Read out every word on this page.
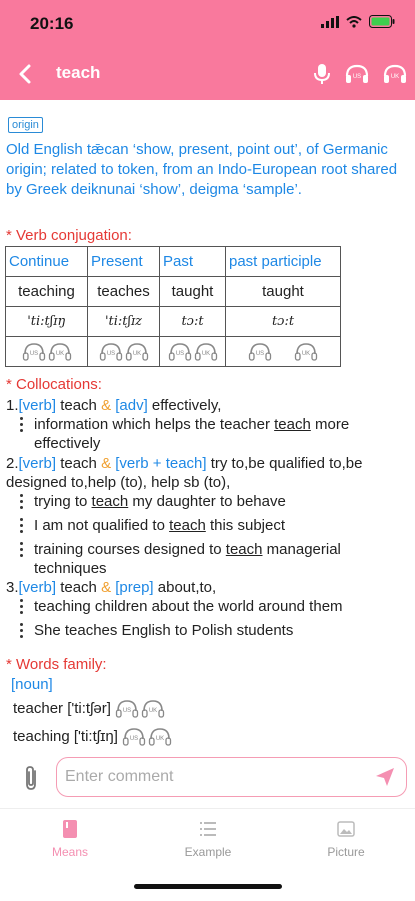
20:16
teach	US	UK
origin
Old English tǣcan ‘show, present, point out’, of Germanic origin; related to token, from an Indo-European root shared by Greek deiknunai ‘show’, deigma ‘sample’.
* Verb conjugation:
Continue	Present	Past	past participle
teaching	teaches	taught	taught
'ti:tʃɪŋ	'ti:tʃɪz	tɔ:t	tɔ:t

US UK	US UK	US UK	US UK
* Collocations:
1.[verb] teach & [adv] effectively,
information which helps the teacher teach more effectively
2.[verb] teach & [verb + teach] try to,be qualified to,be designed to,help (to), help sb (to),
trying to teach my daughter to behave
I am not qualified to teach this subject
training courses designed to teach managerial techniques
3.[verb] teach & [prep] about,to,
teaching children about the world around them
She teaches English to Polish students
* Words family:
[noun]
teacher ['ti:tʃər] US	UK
teaching ['ti:tʃɪŋ] US	UK
Enter comment
Means	Example	Picture
